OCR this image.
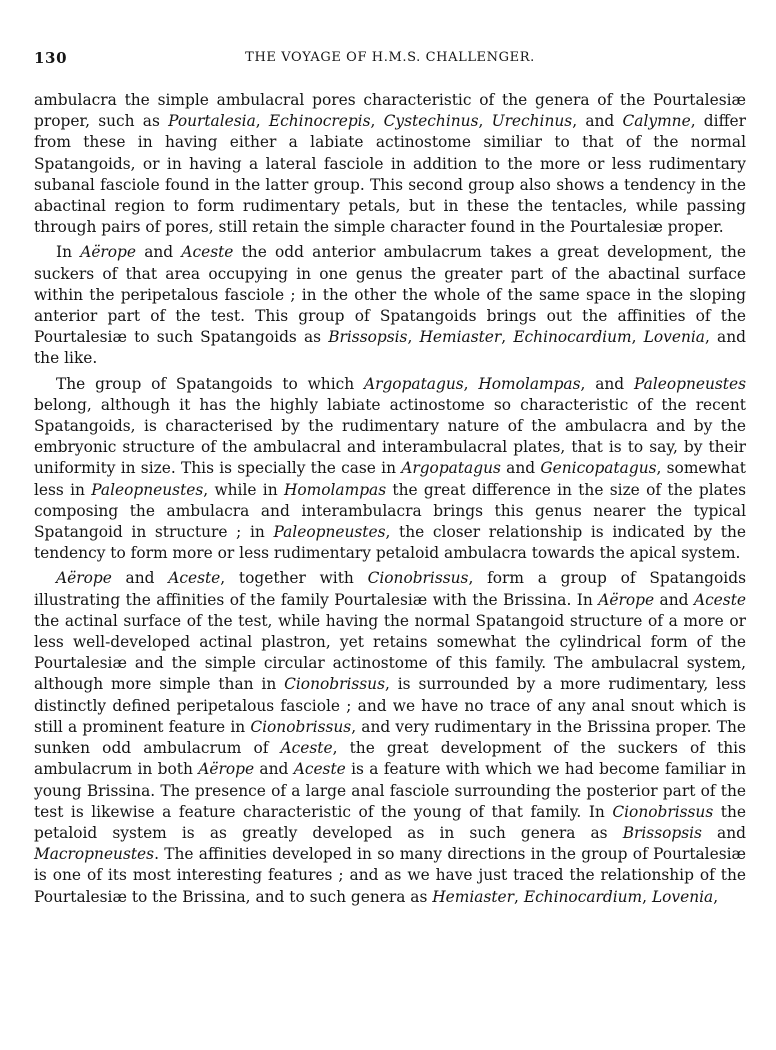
130	THE VOYAGE OF H.M.S. CHALLENGER.

ambulacra the simple ambulacral pores characteristic of the genera of the Pourtalesiæ proper, such as Pourtalesia, Echinocrepis, Cystechinus, Urechinus, and Calymne, differ from these in having either a labiate actinostome similiar to that of the normal Spatangoids, or in having a lateral fasciole in addition to the more or less rudimentary subanal fasciole found in the latter group. This second group also shows a tendency in the abactinal region to form rudimentary petals, but in these the tentacles, while passing through pairs of pores, still retain the simple character found in the Pourtalesiæ proper.

In Aërope and Aceste the odd anterior ambulacrum takes a great development, the suckers of that area occupying in one genus the greater part of the abactinal surface within the peripetalous fasciole ; in the other the whole of the same space in the sloping anterior part of the test. This group of Spatangoids brings out the affinities of the Pourtalesiæ to such Spatangoids as Brissopsis, Hemiaster, Echinocardium, Lovenia, and the like.

The group of Spatangoids to which Argopatagus, Homolampas, and Paleopneustes belong, although it has the highly labiate actinostome so characteristic of the recent Spatangoids, is characterised by the rudimentary nature of the ambulacra and by the embryonic structure of the ambulacral and interambulacral plates, that is to say, by their uniformity in size. This is specially the case in Argopatagus and Genicopatagus, somewhat less in Paleopneustes, while in Homolampas the great difference in the size of the plates composing the ambulacra and interambulacra brings this genus nearer the typical Spatangoid in structure ; in Paleopneustes, the closer relationship is indicated by the tendency to form more or less rudimentary petaloid ambulacra towards the apical system.

Aërope and Aceste, together with Cionobrissus, form a group of Spatangoids illustrating the affinities of the family Pourtalesiæ with the Brissina. In Aërope and Aceste the actinal surface of the test, while having the normal Spatangoid structure of a more or less well-developed actinal plastron, yet retains somewhat the cylindrical form of the Pourtalesiæ and the simple circular actinostome of this family. The ambulacral system, although more simple than in Cionobrissus, is surrounded by a more rudimentary, less distinctly defined peripetalous fasciole ; and we have no trace of any anal snout which is still a prominent feature in Cionobrissus, and very rudimentary in the Brissina proper. The sunken odd ambulacrum of Aceste, the great development of the suckers of this ambulacrum in both Aërope and Aceste is a feature with which we had become familiar in young Brissina. The presence of a large anal fasciole surrounding the posterior part of the test is likewise a feature characteristic of the young of that family. In Cionobrissus the petaloid system is as greatly developed as in such genera as Brissopsis and Macropneustes. The affinities developed in so many directions in the group of Pourtalesiæ is one of its most interesting features ; and as we have just traced the relationship of the Pourtalesiæ to the Brissina, and to such genera as Hemiaster, Echinocardium, Lovenia,
